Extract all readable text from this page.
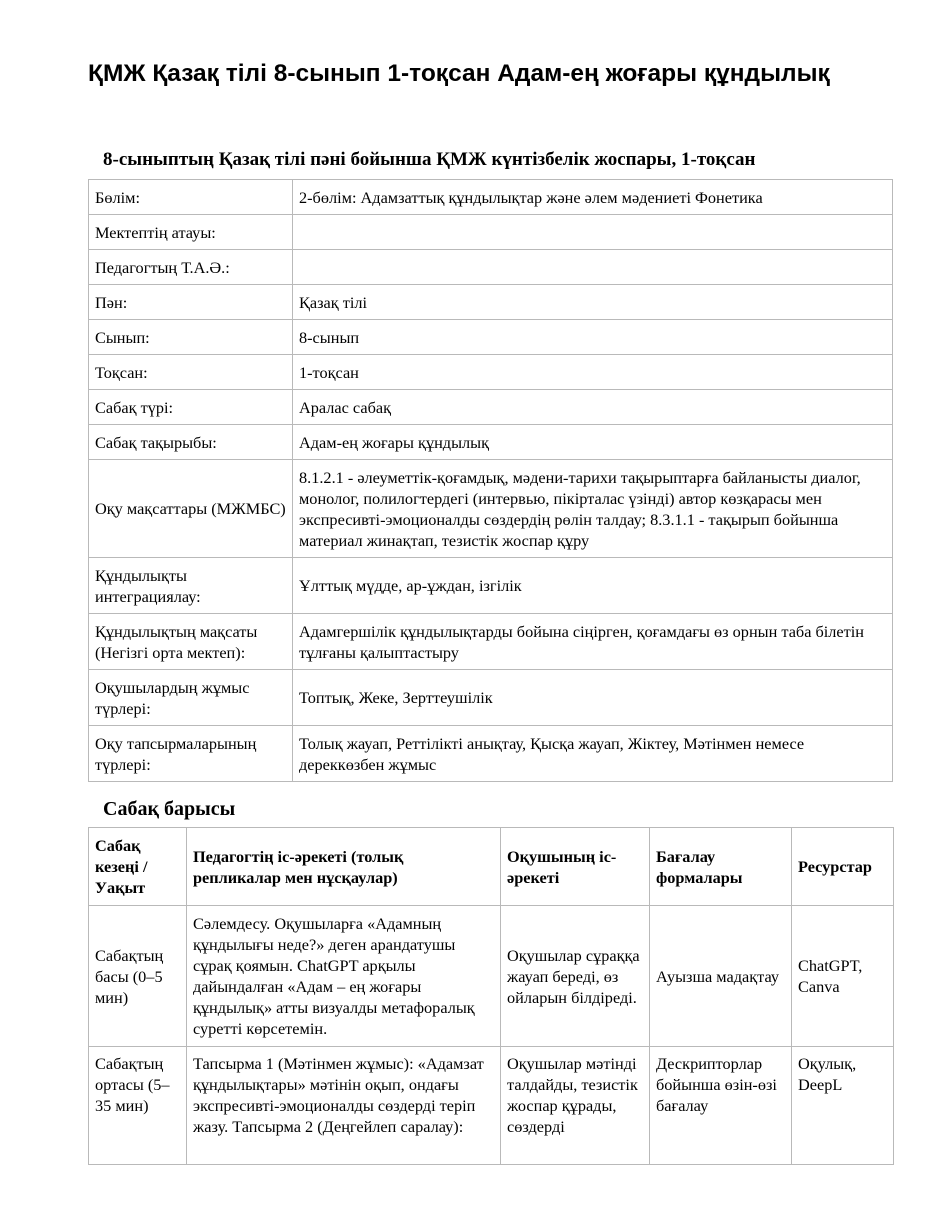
ҚМЖ Қазақ тілі 8-сынып 1-тоқсан Адам-ең жоғары құндылық
8-сыныптың Қазақ тілі пәні бойынша ҚМЖ күнтізбелік жоспары, 1-тоқсан
Бөлім:	2-бөлім: Адамзаттық құндылықтар және әлем мәдениеті Фонетика
Мектептің атауы:	
Педагогтың Т.А.Ә.:	
Пән:	Қазақ тілі
Сынып:	8-сынып
Тоқсан:	1-тоқсан
Сабақ түрі:	Аралас сабақ
Сабақ тақырыбы:	Адам-ең жоғары құндылық
Оқу мақсаттары (МЖМБС)	8.1.2.1 - әлеуметтік-қоғамдық, мәдени-тарихи тақырыптарға байланысты диалог, монолог, полилогтердегі (интервью, пікірталас үзінді) автор көзқарасы мен экспресивті-эмоционалды сөздердің рөлін талдау; 8.3.1.1 - тақырып бойынша материал жинақтап, тезистік жоспар құру
Құндылықты интеграциялау:	Ұлттық мүдде, ар-ұждан, ізгілік
Құндылықтың мақсаты (Негізгі орта мектеп):	Адамгершілік құндылықтарды бойына сіңірген, қоғамдағы өз орнын таба білетін тұлғаны қалыптастыру
Оқушылардың жұмыс түрлері:	Топтық, Жеке, Зерттеушілік
Оқу тапсырмаларының түрлері:	Толық жауап, Реттілікті анықтау, Қысқа жауап, Жіктеу, Мәтінмен немесе дереккөзбен жұмыс
Сабақ барысы
Сабақ кезеңі / Уақыт	Педагогтің іс-әрекеті (толық репликалар мен нұсқаулар)	Оқушының іс-әрекеті	Бағалау формалары	Ресурстар
Сабақтың басы (0–5 мин)	Сәлемдесу. Оқушыларға «Адамның құндылығы неде?» деген арандатушы сұрақ қоямын. ChatGPT арқылы дайындалған «Адам – ең жоғары құндылық» атты визуалды метафоралық суретті көрсетемін.	Оқушылар сұраққа жауап береді, өз ойларын білдіреді.	Ауызша мадақтау	ChatGPT, Canva
Сабақтың ортасы (5–35 мин)	Тапсырма 1 (Мәтінмен жұмыс): «Адамзат құндылықтары» мәтінін оқып, ондағы экспресивті-эмоционалды сөздерді теріп жазу. Тапсырма 2 (Деңгейлеп саралау):	Оқушылар мәтінді талдайды, тезистік жоспар құрады, сөздерді	Дескрипторлар бойынша өзін-өзі бағалау	Оқулық, DeepL
